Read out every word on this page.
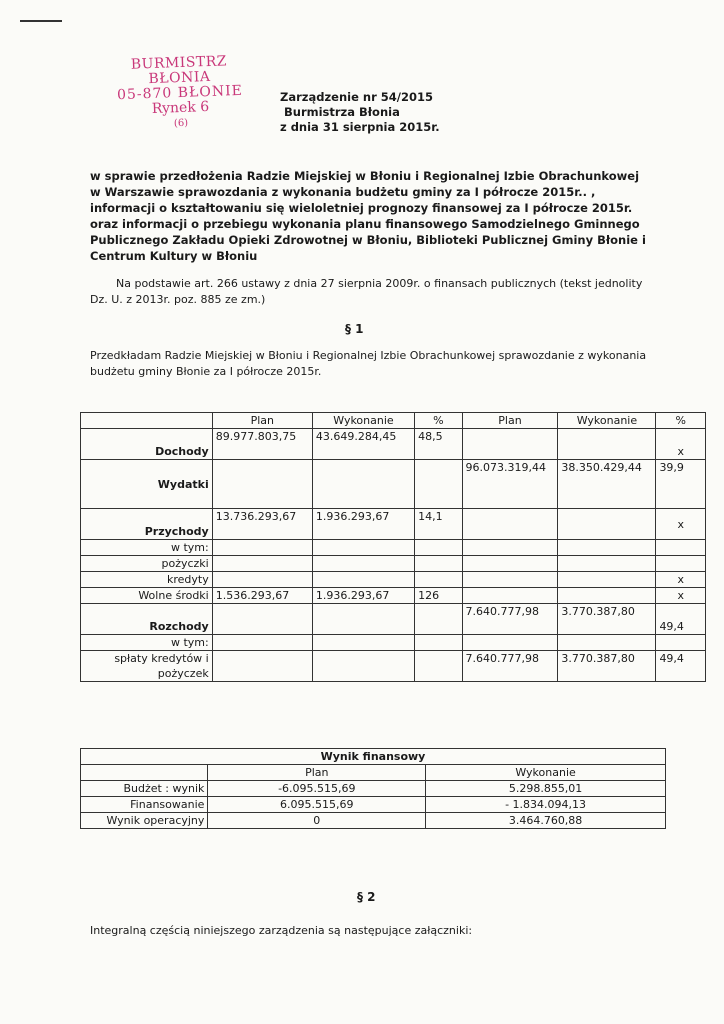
BURMISTRZ BŁONIA
05-870 BŁONIE
Rynek 6
(6)
Zarządzenie nr 54/2015
Burmistrza Błonia
z dnia 31 sierpnia 2015r.
w sprawie przedłożenia Radzie Miejskiej w Błoniu i Regionalnej Izbie Obrachunkowej w Warszawie sprawozdania z wykonania budżetu gminy za I półrocze 2015r.. , informacji o kształtowaniu się wieloletniej prognozy finansowej za I półrocze 2015r. oraz informacji o przebiegu wykonania planu finansowego Samodzielnego Gminnego Publicznego Zakładu Opieki Zdrowotnej w Błoniu, Biblioteki Publicznej Gminy Błonie i Centrum Kultury w Błoniu
Na podstawie art. 266 ustawy z dnia 27 sierpnia 2009r. o finansach publicznych (tekst jednolity Dz. U. z 2013r. poz. 885 ze zm.)
§ 1
Przedkładam Radzie Miejskiej w Błoniu i Regionalnej Izbie Obrachunkowej sprawozdanie z wykonania budżetu gminy Błonie za I półrocze 2015r.
	Plan	Wykonanie	%	Plan	Wykonanie	%
Dochody	89.977.803,75	43.649.284,45	48,5			x
Wydatki				96.073.319,44	38.350.429,44	39,9
Przychody	13.736.293,67	1.936.293,67	14,1			x
w tym:						
pożyczki						
kredyty						x
Wolne środki	1.536.293,67	1.936.293,67	126			x
Rozchody				7.640.777,98	3.770.387,80	49,4
w tym:						

spłaty kredytów i
pożyczek				7.640.777,98	3.770.387,80	49,4
Wynik finansowy		
	Plan	Wykonanie
Budżet : wynik	-6.095.515,69	5.298.855,01
Finansowanie	6.095.515,69	- 1.834.094,13
Wynik operacyjny	0	3.464.760,88
§ 2
Integralną częścią niniejszego zarządzenia są następujące załączniki:
